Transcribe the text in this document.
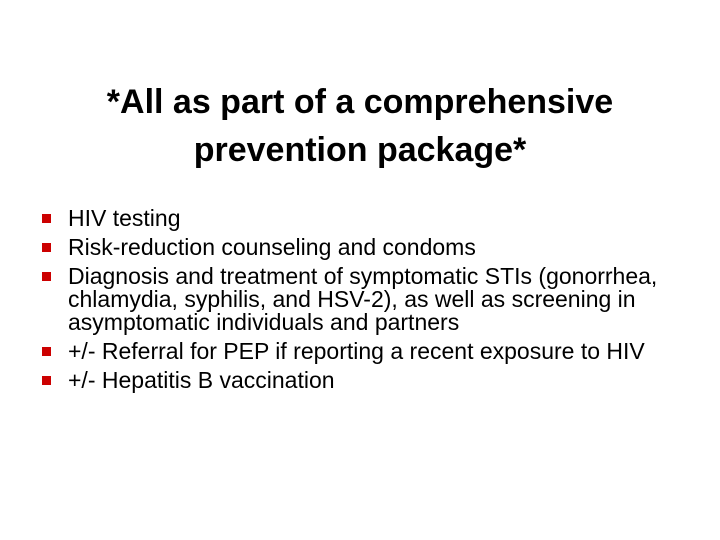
*All as part of a comprehensive prevention package*
HIV testing
Risk-reduction counseling and condoms
Diagnosis and treatment of symptomatic STIs (gonorrhea, chlamydia, syphilis, and HSV-2), as well as screening in asymptomatic individuals and partners
+/- Referral for PEP if reporting a recent exposure to HIV
+/- Hepatitis B vaccination
